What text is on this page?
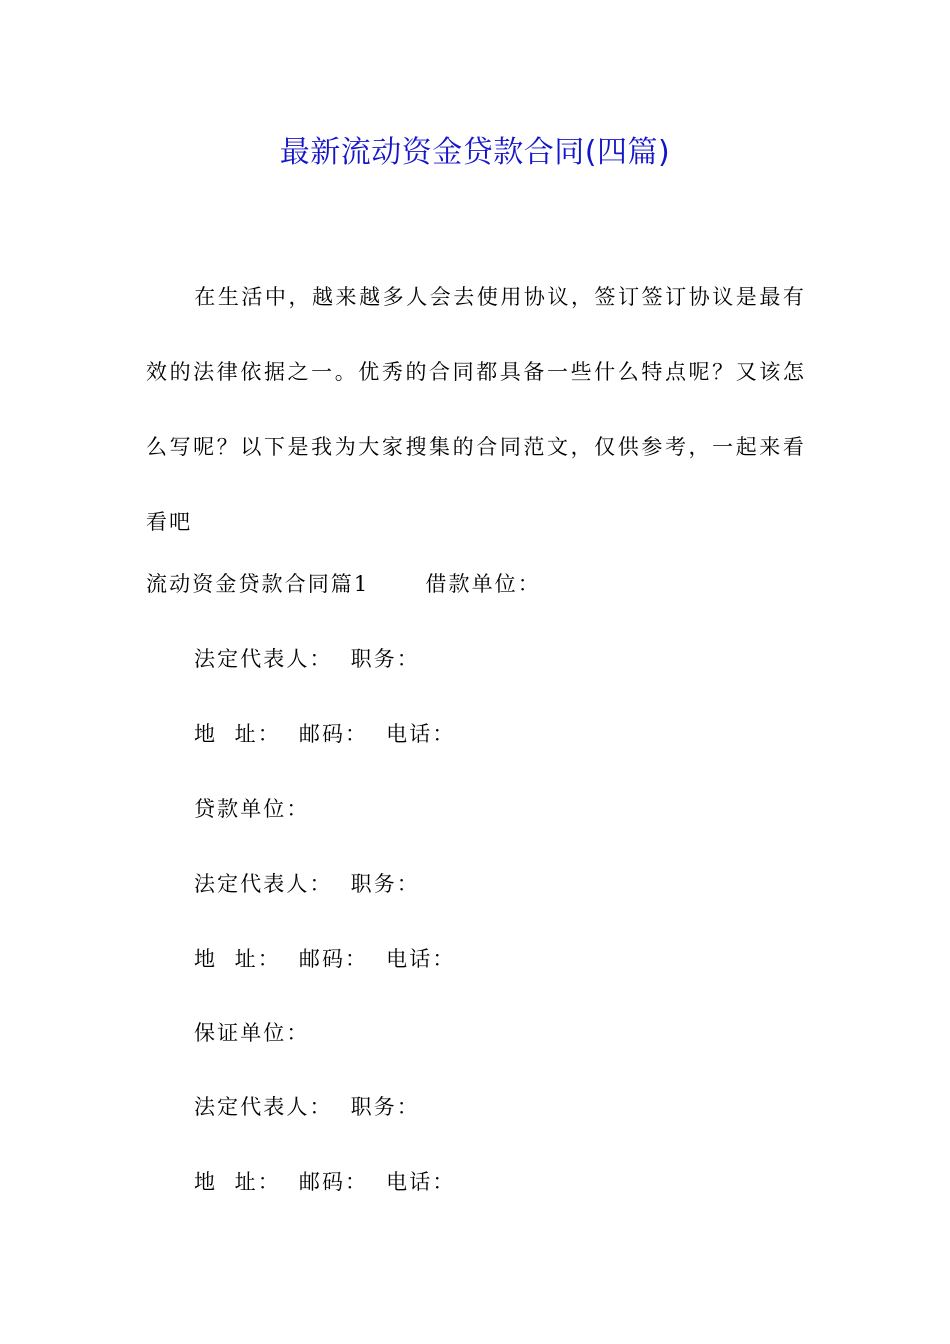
最新流动资金贷款合同(四篇)

在生活中，越来越多人会去使用协议，签订签订协议是最有效的法律依据之一。优秀的合同都具备一些什么特点呢？又该怎么写呢？以下是我为大家搜集的合同范文，仅供参考，一起来看看吧

流动资金贷款合同篇1	借款单位：
法定代表人： 职务：
地  址： 邮码： 电话：
贷款单位：
法定代表人： 职务：
地  址： 邮码： 电话：
保证单位：
法定代表人： 职务：
地  址： 邮码： 电话：
